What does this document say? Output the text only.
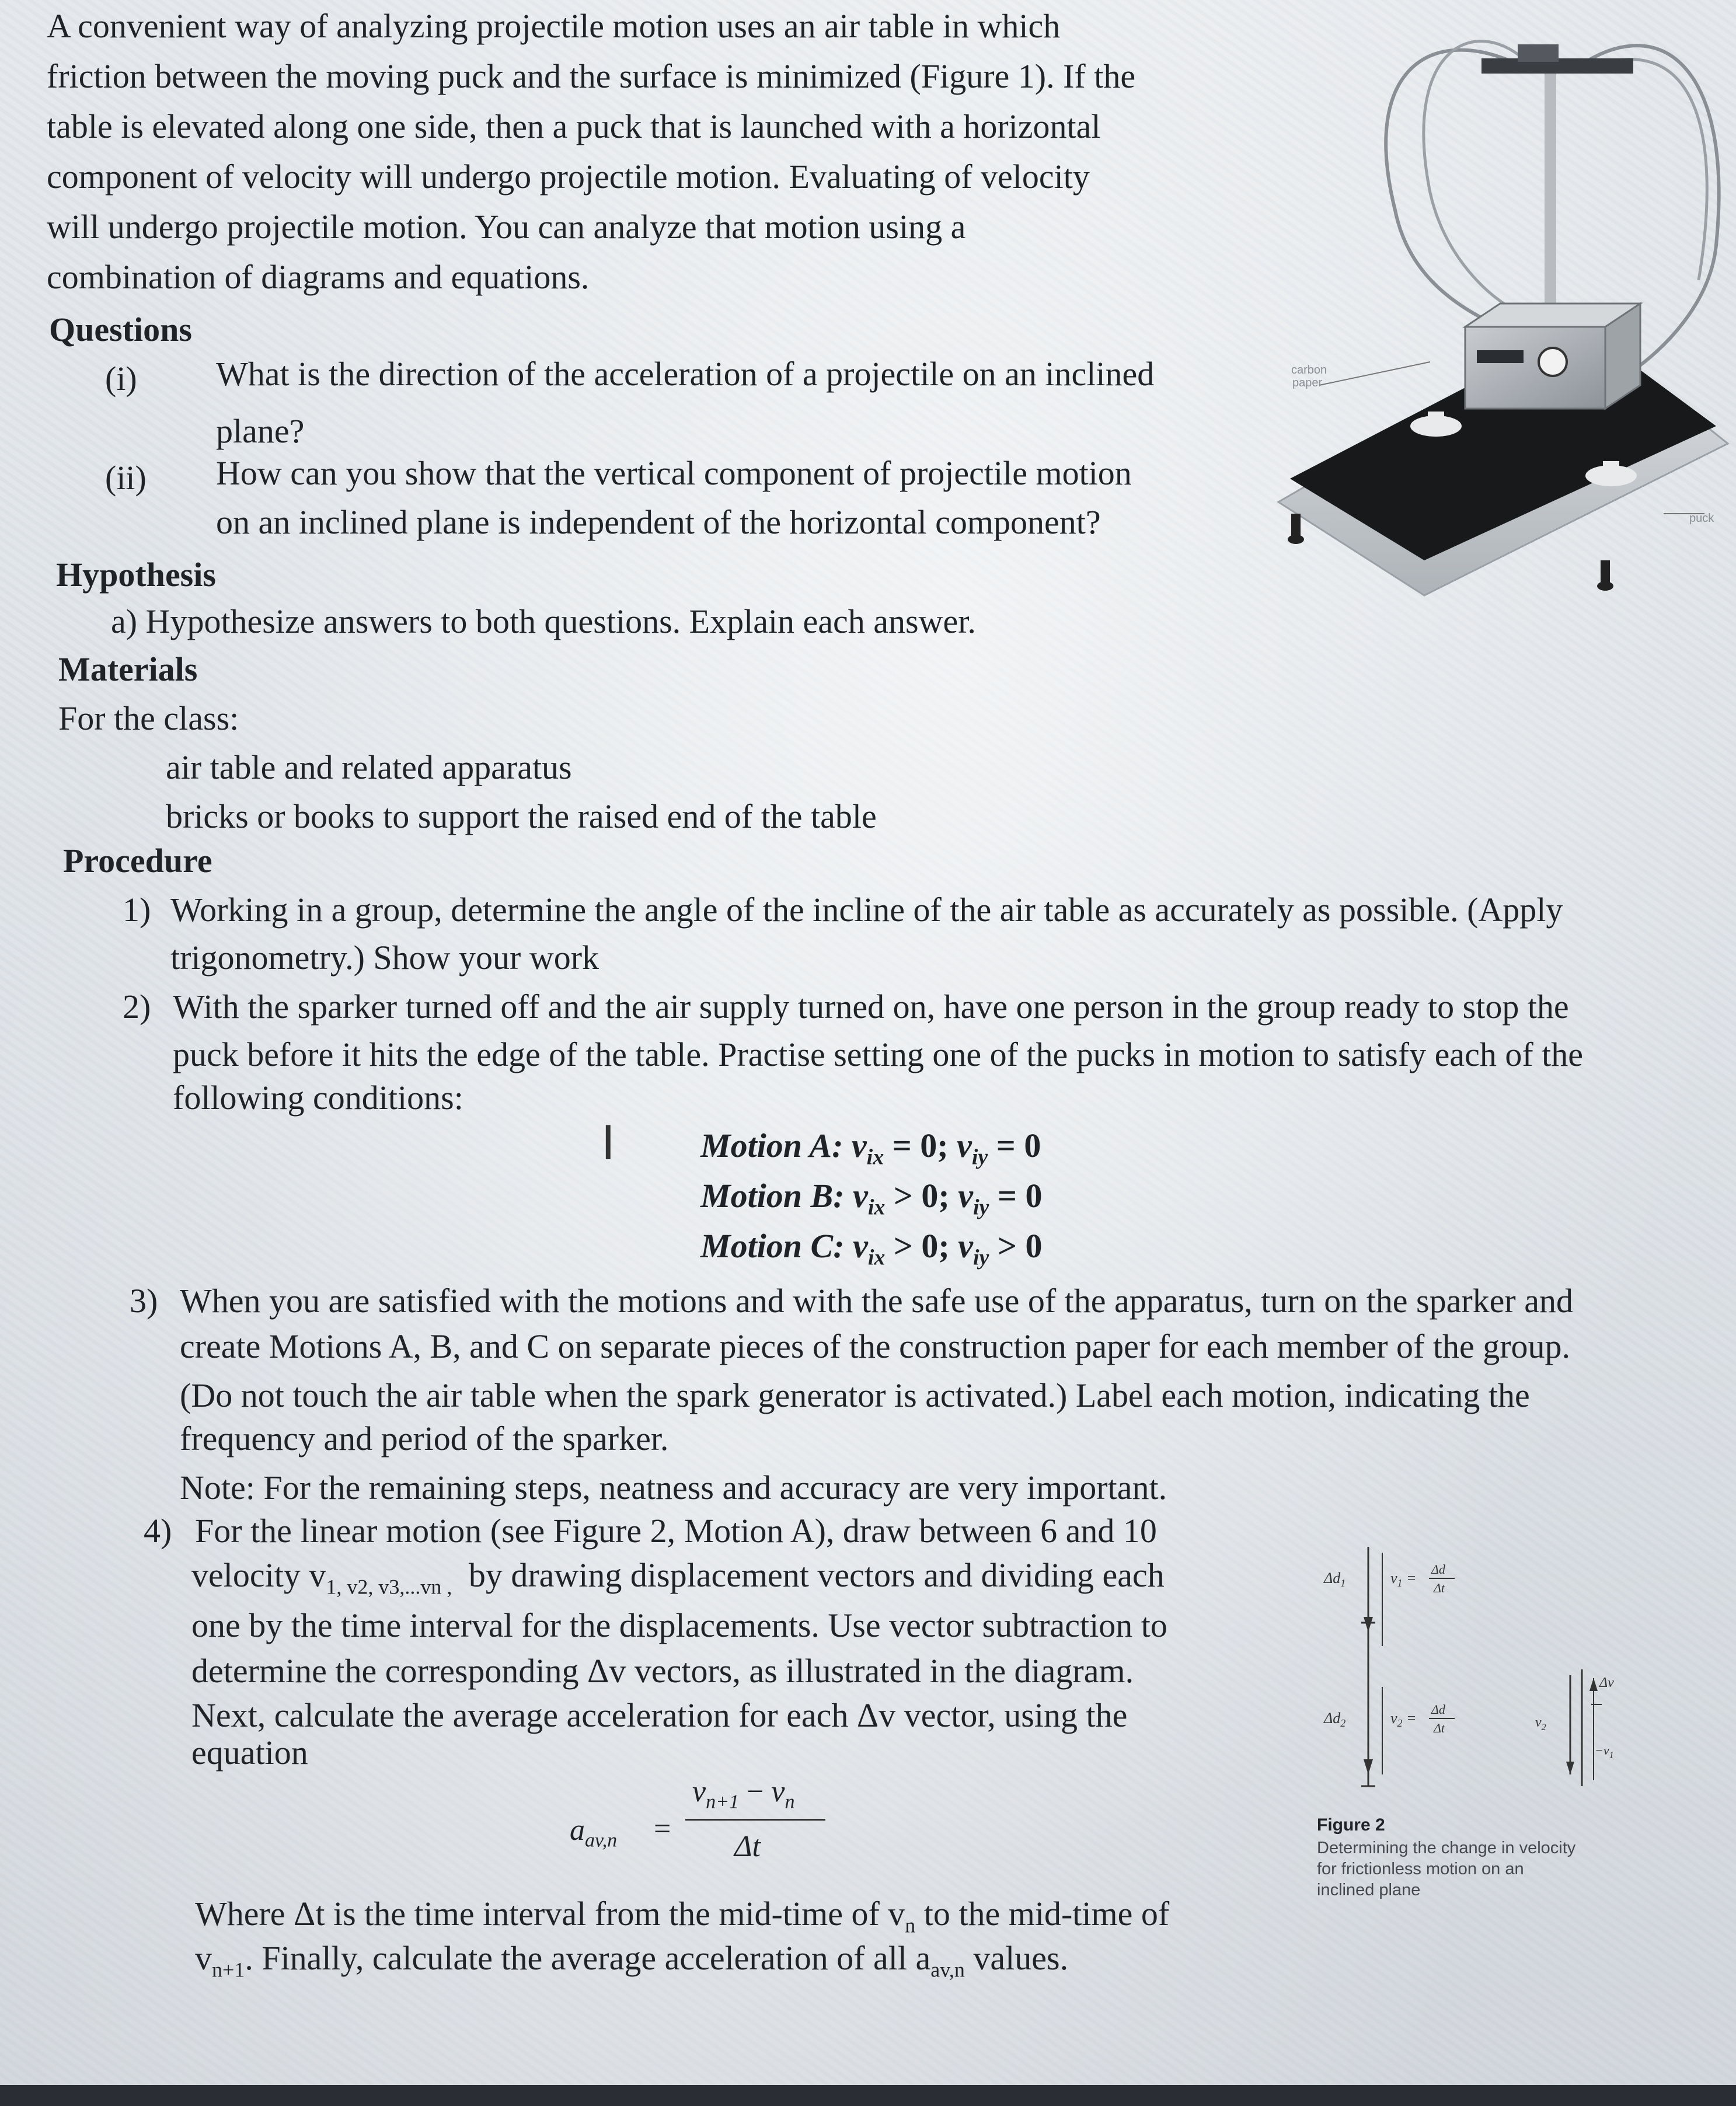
A convenient way of analyzing projectile motion uses an air table in which
friction between the moving puck and the surface is minimized (Figure 1). If the
table is elevated along one side, then a puck that is launched with a horizontal
component of velocity will undergo projectile motion. Evaluating of velocity
will undergo projectile motion. You can analyze that motion using a
combination of diagrams and equations.
Questions
(i) What is the direction of the acceleration of a projectile on an inclined
plane?
(ii) How can you show that the vertical component of projectile motion
on an inclined plane is independent of the horizontal component?
Hypothesis
a) Hypothesize answers to both questions. Explain each answer.
Materials
For the class:
air table and related apparatus
bricks or books to support the raised end of the table
Procedure
1) Working in a group, determine the angle of the incline of the air table as accurately as possible. (Apply
trigonometry.) Show your work
2) With the sparker turned off and the air supply turned on, have one person in the group ready to stop the
puck before it hits the edge of the table. Practise setting one of the pucks in motion to satisfy each of the
following conditions:
I	Motion A: $v_{ix} = 0$; $v_{iy} = 0$
Motion B: $v_{ix} > 0$; $v_{iy} = 0$
Motion C: $v_{ix} > 0$; $v_{iy} > 0$
3) When you are satisfied with the motions and with the safe use of the apparatus, turn on the sparker and
create Motions A, B, and C on separate pieces of the construction paper for each member of the group.
(Do not touch the air table when the spark generator is activated.) Label each motion, indicating the
frequency and period of the sparker.
Note: For the remaining steps, neatness and accuracy are very important.
4) For the linear motion (see Figure 2, Motion A), draw between 6 and 10
velocity $v_{1, v2, v3,...vn ,}$ by drawing displacement vectors and dividing each
one by the time interval for the displacements. Use vector subtraction to
determine the corresponding Δv vectors, as illustrated in the diagram.
Next, calculate the average acceleration for each Δv vector, using the
equation
$a_{av,n}$ =
$v_{n+1} - v_n$
Δt
Where Δt is the time interval from the mid-time of $v_n$ to the mid-time of
$v_{n+1}$. Finally, calculate the average acceleration of all $a_{av,n}$ values.
carbon paper
puck
$\Delta d_1$	$v_1$ =
Δd
Δt
$\Delta d_2$	$v_2$ =
Δd
Δt	$v_2$
Δv
$-v_1$
Figure 2
Determining the change in velocity
for frictionless motion on an
inclined plane
